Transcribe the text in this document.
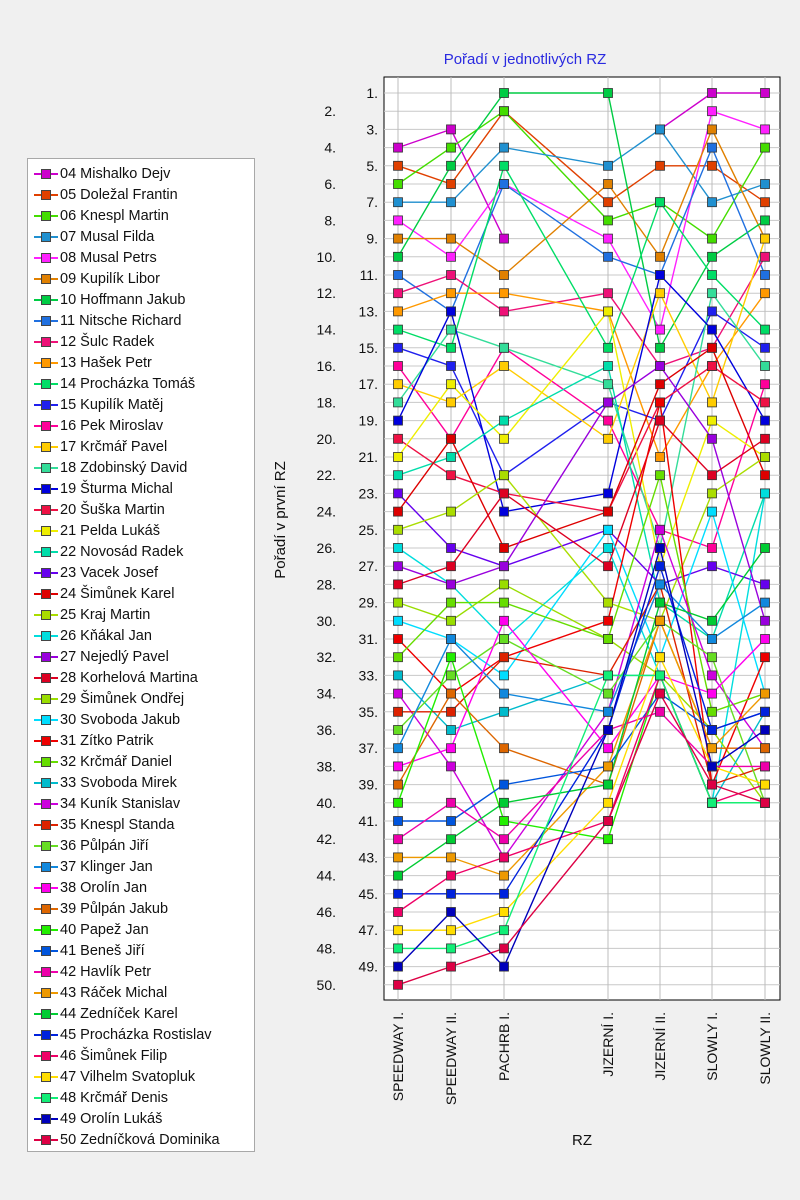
Pořadí v jednotlivých RZ
1.
2.
3.
4.
5.
6.
7.
8.
9.
10.
11.
12.
13.
14.
15.
16.
17.
18.
19.
20.
21.
22.
23.
24.
25.
26.
27.
28.
29.
30.
31.
32.
33.
34.
35.
36.
37.
38.
39.
40.
41.
42.
43.
44.
45.
46.
47.
48.
49.
50.
SPEEDWAY I.	SPEEDWAY II.	PACHRB I.	JIZERNÍ I.	JIZERNÍ II.	SLOWLY I.	SLOWLY II.
Pořadí v první RZ
RZ
04 Mishalko Dejv
05 Doležal Frantin
06 Knespl Martin
07 Musal Filda
08 Musal Petrs
09 Kupilík Libor
10 Hoffmann Jakub
11 Nitsche Richard
12 Šulc Radek
13 Hašek Petr
14 Procházka Tomáš
15 Kupilík Matěj
16 Pek Miroslav
17 Krčmář Pavel
18 Zdobinský David
19 Šturma Michal
20 Šuška Martin
21 Pelda Lukáš
22 Novosád Radek
23 Vacek Josef
24 Šimůnek Karel
25 Kraj Martin
26 Kňákal Jan
27 Nejedlý Pavel
28 Korhelová Martina
29 Šimůnek Ondřej
30 Svoboda Jakub
31 Zítko Patrik
32 Krčmář Daniel
33 Svoboda Mirek
34 Kuník Stanislav
35 Knespl Standa
36 Půlpán Jiří
37 Klinger Jan
38 Orolín Jan
39 Půlpán Jakub
40 Papež Jan
41 Beneš Jiří
42 Havlík Petr
43 Ráček Michal
44 Zedníček Karel
45 Procházka Rostislav
46 Šimůnek Filip
47 Vilhelm Svatopluk
48 Krčmář Denis
49 Orolín Lukáš
50 Zedníčková Dominika
